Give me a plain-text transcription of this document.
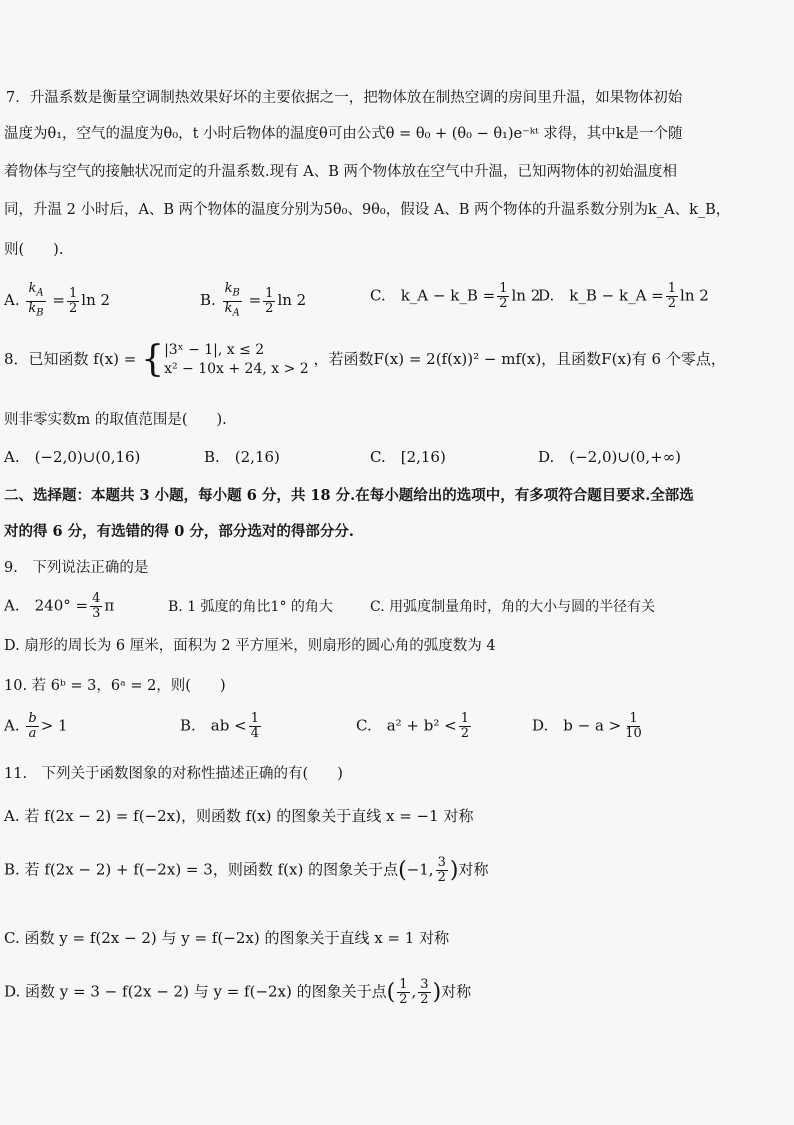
7．升温系数是衡量空调制热效果好坏的主要依据之一，把物体放在制热空调的房间里升温，如果物体初始
温度为θ₁，空气的温度为θ₀，t 小时后物体的温度θ可由公式θ = θ₀ + (θ₀ − θ₁)e⁻ᵏᵗ 求得，其中k是一个随
着物体与空气的接触状况而定的升温系数.现有 A、B 两个物体放在空气中升温，已知两物体的初始温度相
同，升温 2 小时后，A、B 两个物体的温度分别为5θ₀、9θ₀，假设 A、B 两个物体的升温系数分别为k_A、k_B，
则(　　).
A. $\frac{k_A}{k_B} = \frac{1}{2}$ ln 2	B. $\frac{k_B}{k_A} = \frac{1}{2}$ ln 2	C.　k_A − k_B = $\frac{1}{2}$ ln 2
D.　k_B − k_A = $\frac{1}{2}$ ln 2
8．已知函数 f(x) = { |3ˣ − 1|, x ≤ 2
x² − 10x + 24, x > 2
，若函数F(x) = 2(f(x))² − mf(x)，且函数F(x)有 6 个零点，
则非零实数m 的取值范围是(　　).
A.　(−2,0)∪(0,16)	B.　(2,16)	C.　[2,16)	D.　(−2,0)∪(0,+∞)
二、选择题：本题共 3 小题，每小题 6 分，共 18 分.在每小题给出的选项中，有多项符合题目要求.全部选
对的得 6 分，有选错的得 0 分，部分选对的得部分分.
9.　下列说法正确的是
A.　$240^\circ = \frac{4}{3}$ π	B. 1 弧度的角比1° 的角大	C. 用弧度制量角时，角的大小与圆的半径有关
D. 扇形的周长为 6 厘米，面积为 2 平方厘米，则扇形的圆心角的弧度数为 4
10. 若 6ᵇ = 3，6ᵃ = 2，则(　　)
A. $\frac{b}{a} > 1$	B.　ab < $\frac{1}{4}$	C.　$a^2 + b^2 < \frac{1}{2}$	D.　$b - a > \frac{1}{10}$
11.　下列关于函数图象的对称性描述正确的有(　　)
A. 若 f(2x − 2) = f(−2x)，则函数 f(x) 的图象关于直线 x = −1 对称
B. 若 f(2x − 2) + f(−2x) = 3，则函数 f(x) 的图象关于点(−1, $\frac{3}{2}$ )对称
C. 函数 y = f(2x − 2) 与 y = f(−2x) 的图象关于直线 x = 1 对称
D. 函数 y = 3 − f(2x − 2) 与 y = f(−2x) 的图象关于点( $\frac{1}{2}$ , $\frac{3}{2}$ )对称
